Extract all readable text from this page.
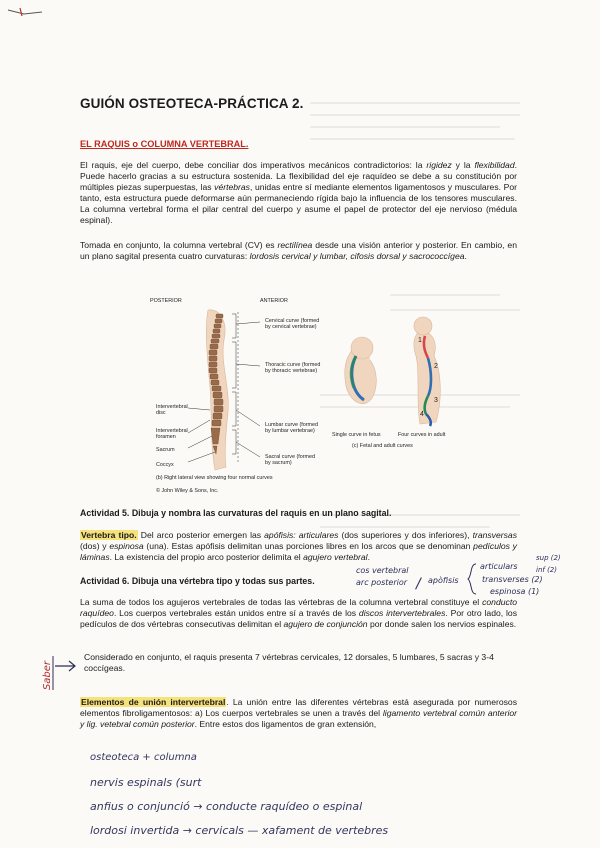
GUIÓN OSTEOTECA-PRÁCTICA 2.

EL RAQUIS o COLUMNA VERTEBRAL.

El raquis, eje del cuerpo, debe conciliar dos imperativos mecánicos contradictorios: la rigidez y la flexibilidad. Puede hacerlo gracias a su estructura sostenida. La flexibilidad del eje raquídeo se debe a su constitución por múltiples piezas superpuestas, las vértebras, unidas entre sí mediante elementos ligamentosos y musculares. Por tanto, esta estructura puede deformarse aún permaneciendo rígida bajo la influencia de los tensores musculares. La columna vertebral forma el pilar central del cuerpo y asume el papel de protector del eje nervioso (médula espinal).

Tomada en conjunto, la columna vertebral (CV) es rectilínea desde una visión anterior y posterior. En cambio, en un plano sagital presenta cuatro curvaturas: lordosis cervical y lumbar, cifosis dorsal y sacrococcígea.

POSTERIOR	ANTERIOR
Cervical curve (formed
by cervical vertebrae)
Thoracic curve (formed
by thoracic vertebrae)
Lumbar curve (formed
by lumbar vertebrae)
Sacral curve (formed
by sacrum)
Intervertebral
disc
Intervertebral
foramen
Sacrum
Coccyx
(b) Right lateral view showing four normal curves
© John Wiley & Sons, Inc.
2
3
4
1
Single curve in fetus	Four curves in adult
(c) Fetal and adult curves

Actividad 5. Dibuja y nombra las curvaturas del raquis en un plano sagital.

Vertebra tipo. Del arco posterior emergen las apófisis: articulares (dos superiores y dos inferiores), transversas (dos) y espinosa (una). Estas apófisis delimitan unas porciones libres en los arcos que se denominan pedículos y láminas. La existencia del propio arco posterior delimita el agujero vertebral.

Actividad 6. Dibuja una vértebra tipo y todas sus partes.

cos vertebral
arc posterior / apòfisis
articulars
sup (2)
inf (2)
transverses (2)
espinosa (1)

La suma de todos los agujeros vertebrales de todas las vértebras de la columna vertebral constituye el conducto raquídeo. Los cuerpos vertebrales están unidos entre sí a través de los discos intervertebrales. Por otro lado, los pedículos de dos vértebras consecutivas delimitan el agujero de conjunción por donde salen los nervios espinales.

Saber

Considerado en conjunto, el raquis presenta 7 vértebras cervicales, 12 dorsales, 5 lumbares, 5 sacras y 3-4 coccígeas.

Elementos de unión intervertebral. La unión entre las diferentes vértebras está asegurada por numerosos elementos fibroligamentosos: a) Los cuerpos vertebrales se unen a través del ligamento vertebral común anterior y lig. vetebral común posterior. Entre estos dos ligamentos de gran extensión,

osteoteca + columna
nervis espinals (surt
anfius o conjunció → conducte raquídeo o espinal
lordosi invertida → cervicals — xafament de vertebres
